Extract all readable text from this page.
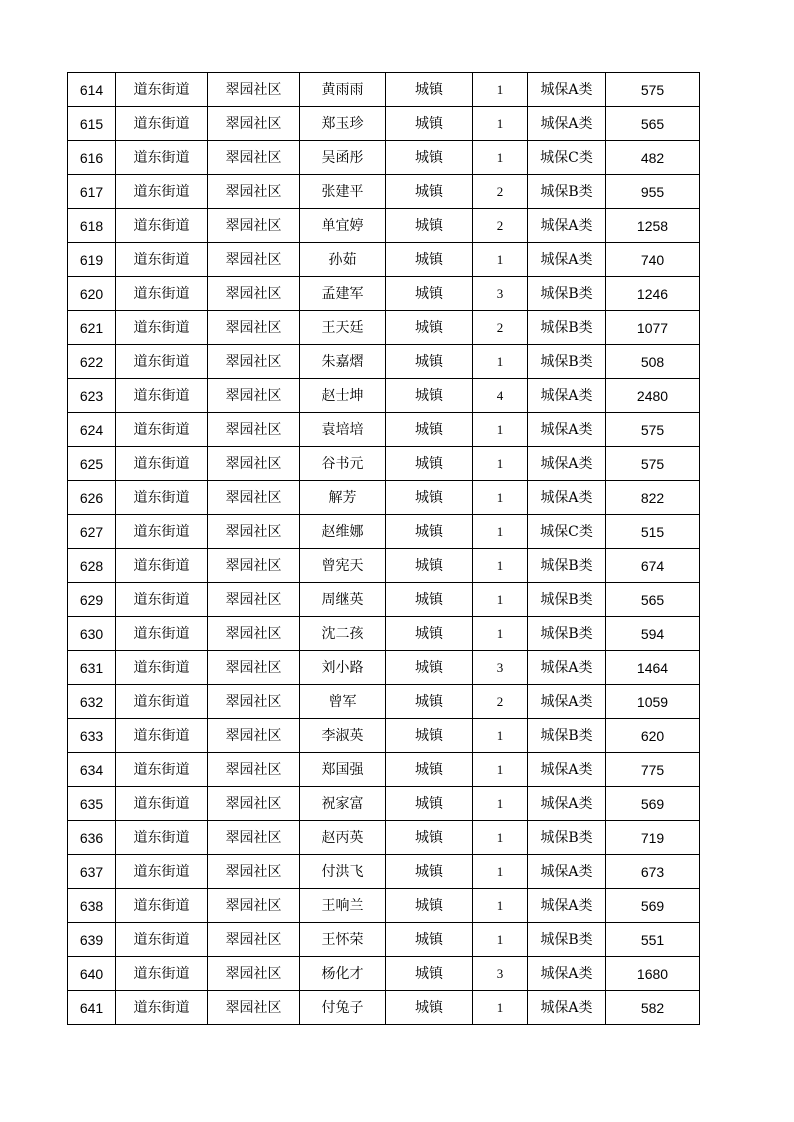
614	道东街道	翠园社区	黄雨雨	城镇	1	城保A类	575
615	道东街道	翠园社区	郑玉珍	城镇	1	城保A类	565
616	道东街道	翠园社区	吴函彤	城镇	1	城保C类	482
617	道东街道	翠园社区	张建平	城镇	2	城保B类	955
618	道东街道	翠园社区	单宜婷	城镇	2	城保A类	1258
619	道东街道	翠园社区	孙茹	城镇	1	城保A类	740
620	道东街道	翠园社区	孟建军	城镇	3	城保B类	1246
621	道东街道	翠园社区	王天廷	城镇	2	城保B类	1077
622	道东街道	翠园社区	朱嘉熠	城镇	1	城保B类	508
623	道东街道	翠园社区	赵士坤	城镇	4	城保A类	2480
624	道东街道	翠园社区	袁培培	城镇	1	城保A类	575
625	道东街道	翠园社区	谷书元	城镇	1	城保A类	575
626	道东街道	翠园社区	解芳	城镇	1	城保A类	822
627	道东街道	翠园社区	赵维娜	城镇	1	城保C类	515
628	道东街道	翠园社区	曾宪天	城镇	1	城保B类	674
629	道东街道	翠园社区	周继英	城镇	1	城保B类	565
630	道东街道	翠园社区	沈二孩	城镇	1	城保B类	594
631	道东街道	翠园社区	刘小路	城镇	3	城保A类	1464
632	道东街道	翠园社区	曾军	城镇	2	城保A类	1059
633	道东街道	翠园社区	李淑英	城镇	1	城保B类	620
634	道东街道	翠园社区	郑国强	城镇	1	城保A类	775
635	道东街道	翠园社区	祝家富	城镇	1	城保A类	569
636	道东街道	翠园社区	赵丙英	城镇	1	城保B类	719
637	道东街道	翠园社区	付洪飞	城镇	1	城保A类	673
638	道东街道	翠园社区	王响兰	城镇	1	城保A类	569
639	道东街道	翠园社区	王怀荣	城镇	1	城保B类	551
640	道东街道	翠园社区	杨化才	城镇	3	城保A类	1680
641	道东街道	翠园社区	付兔子	城镇	1	城保A类	582
